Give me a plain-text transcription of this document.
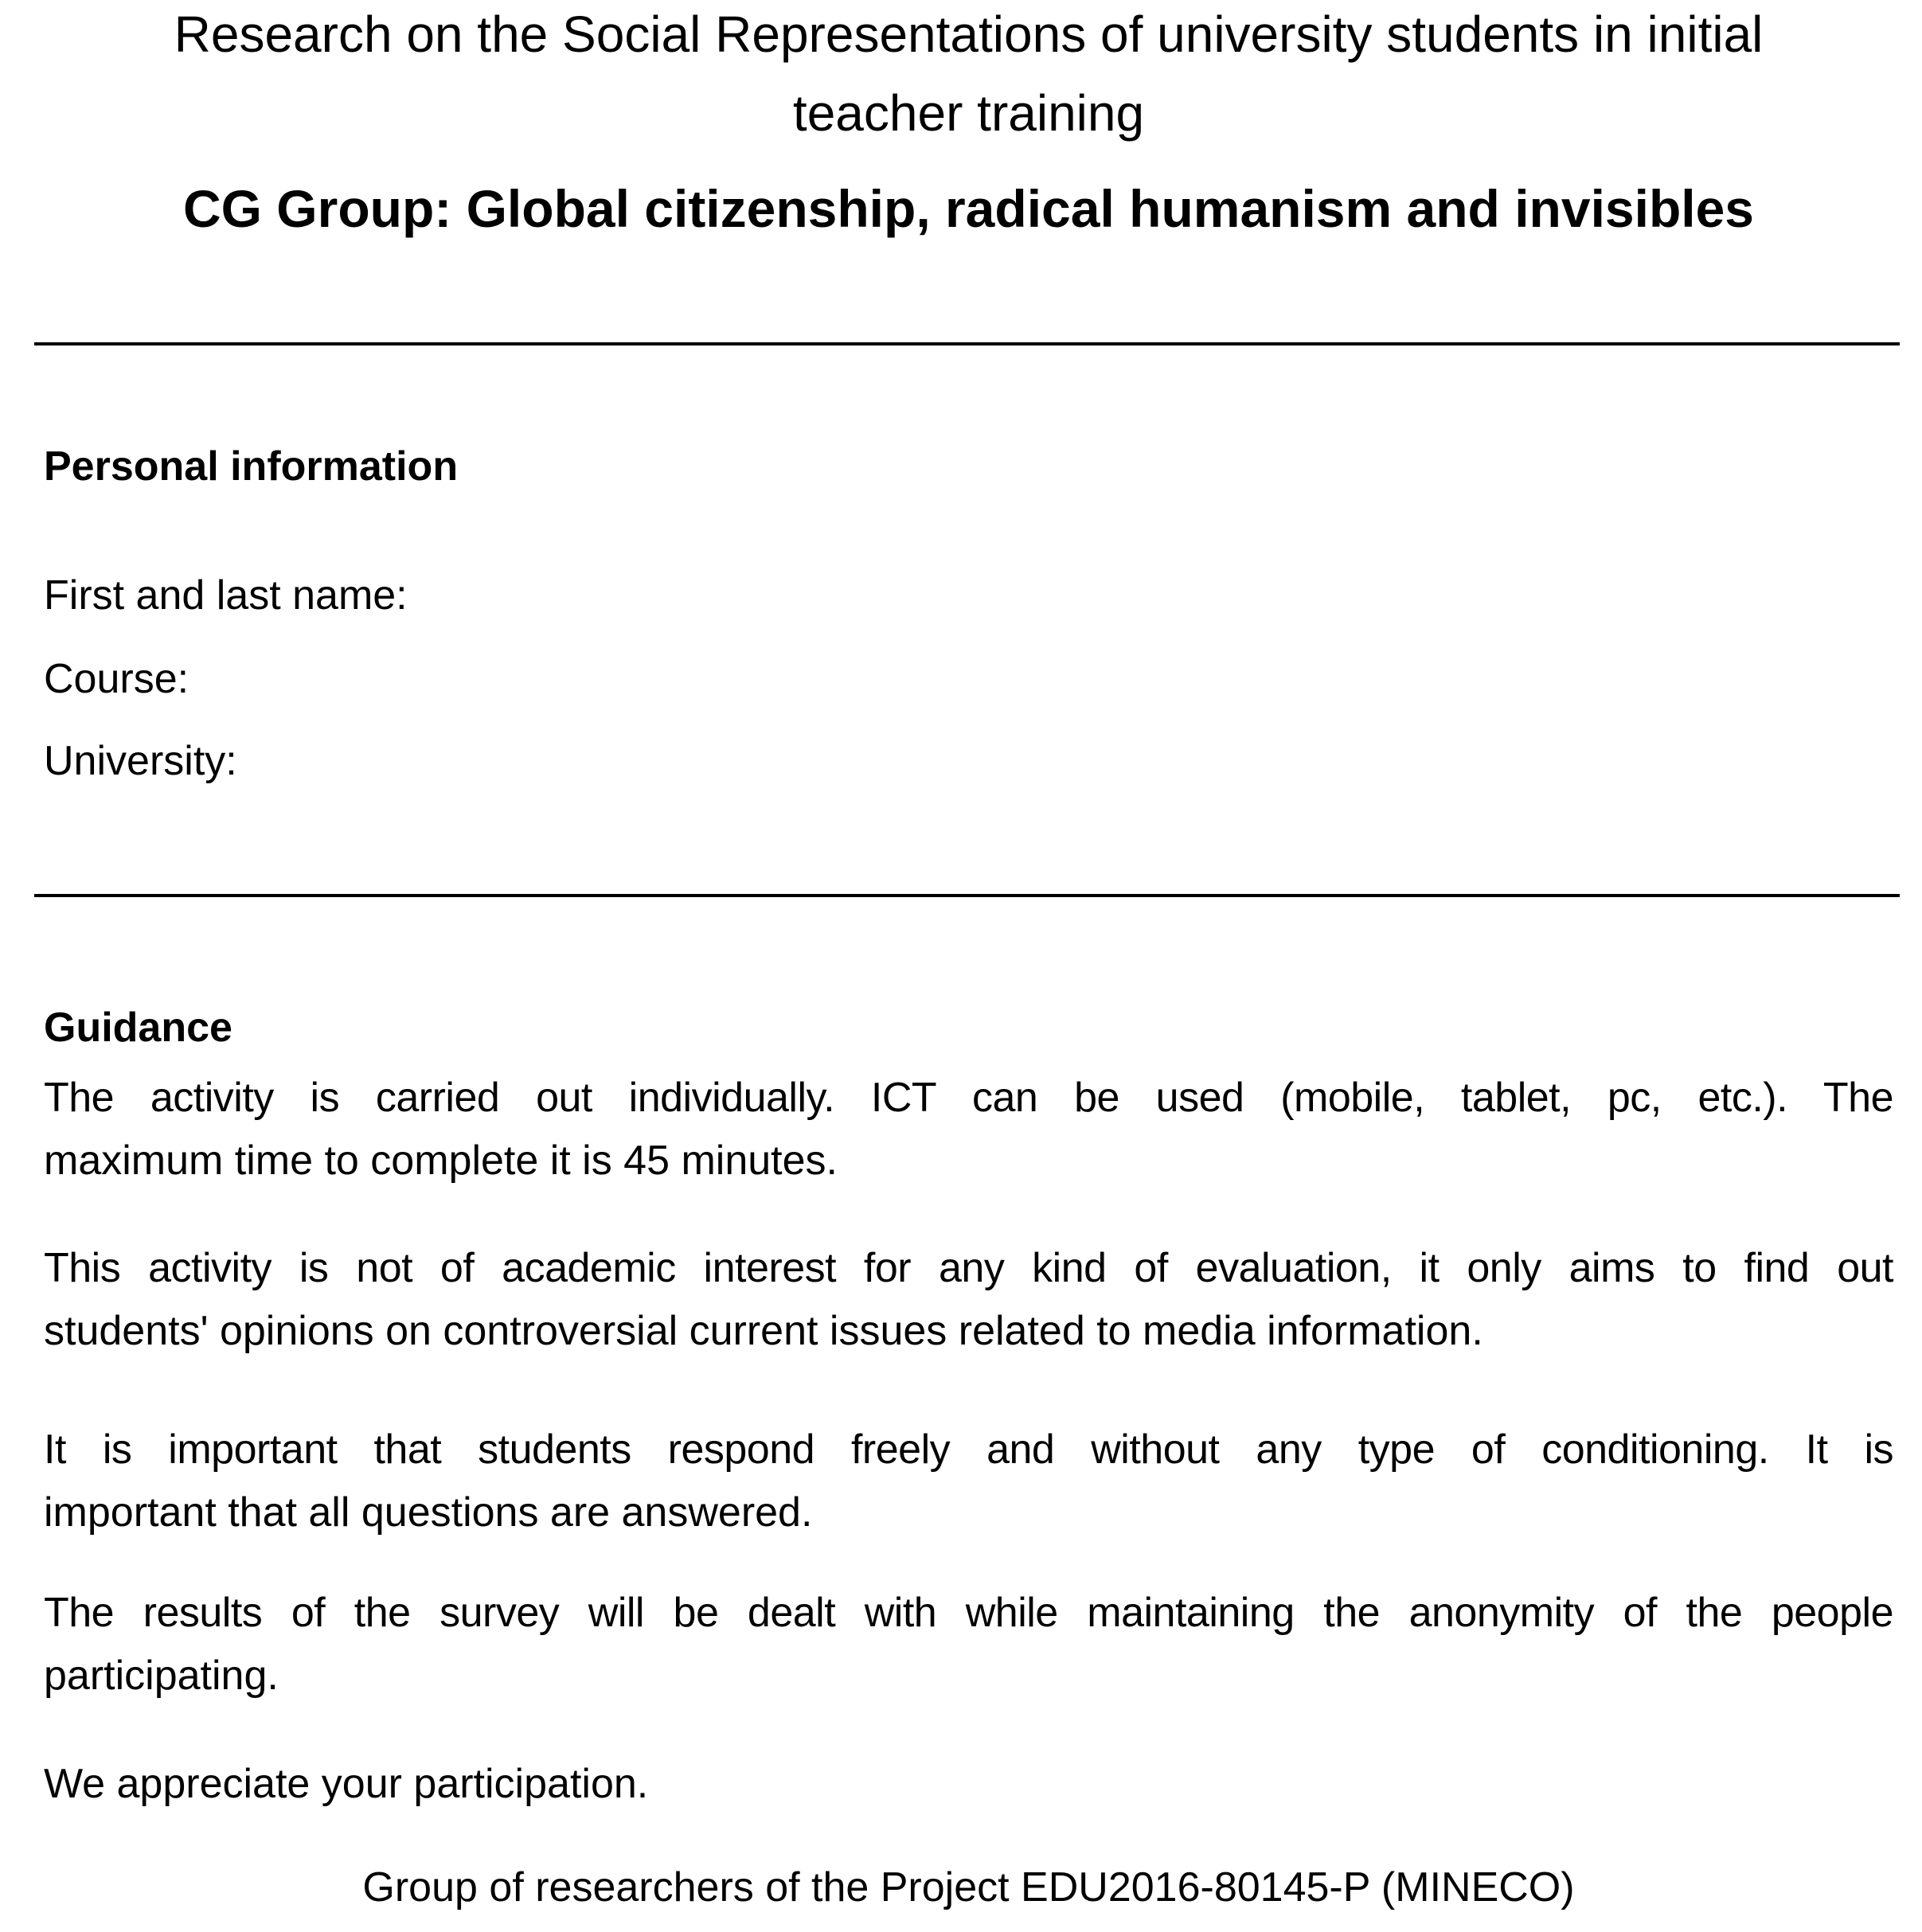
Research on the Social Representations of university students in initial
teacher training
CG Group: Global citizenship, radical humanism and invisibles
Personal information

First and last name:

Course:

University:

Guidance
The activity is carried out individually. ICT can be used (mobile, tablet, pc, etc.). The
maximum time to complete it is 45 minutes.
This activity is not of academic interest for any kind of evaluation, it only aims to find out
students' opinions on controversial current issues related to media information.
It is important that students respond freely and without any type of conditioning. It is
important that all questions are answered.
The results of the survey will be dealt with while maintaining the anonymity of the people
participating.

We appreciate your participation.

Group of researchers of the Project EDU2016-80145-P (MINECO)
